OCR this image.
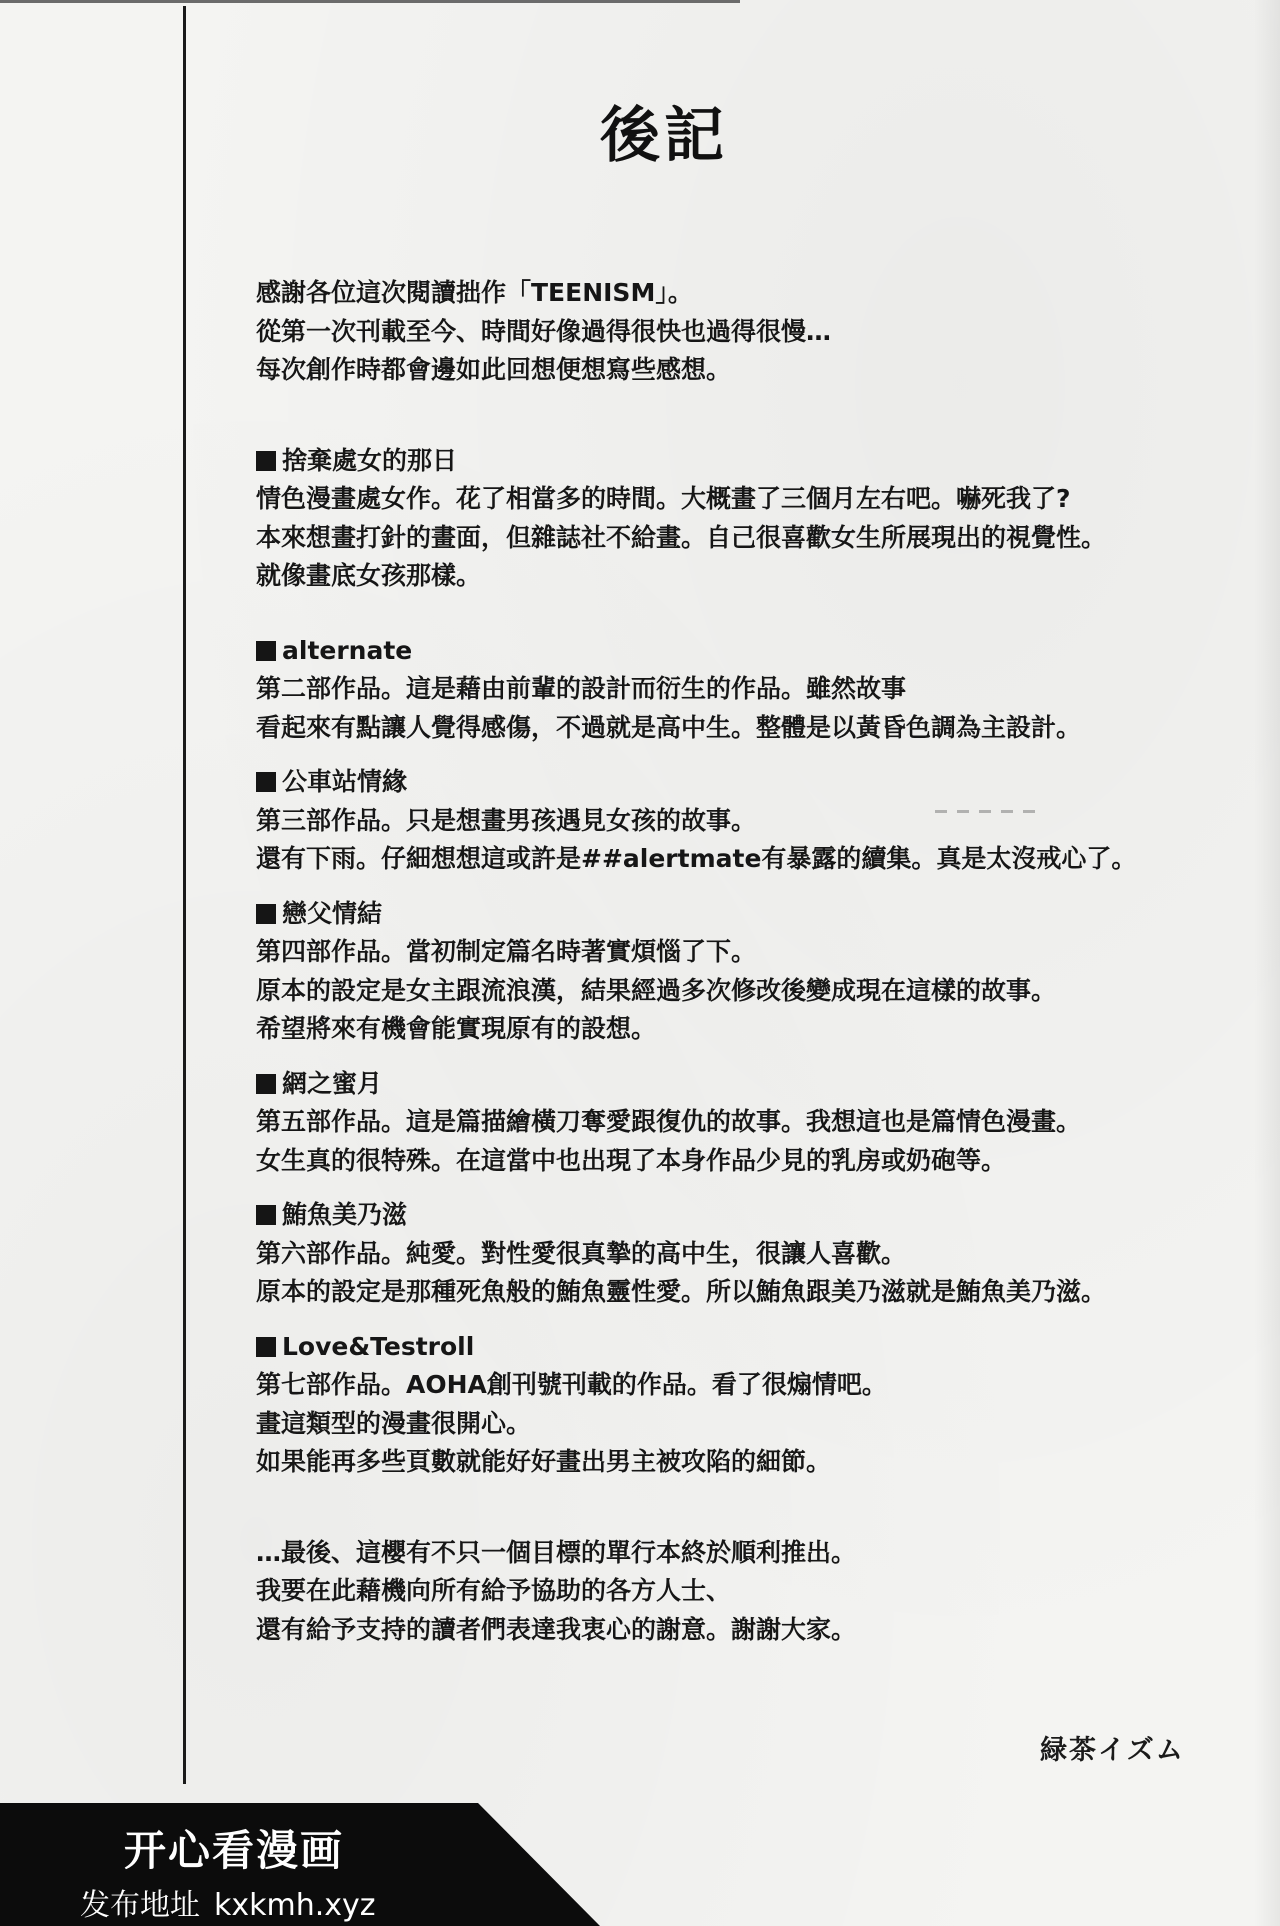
後記
感謝各位這次閱讀拙作「TEENISM」。
從第一次刊載至今、時間好像過得很快也過得很慢…
每次創作時都會邊如此回想便想寫些感想。
捨棄處女的那日
情色漫畫處女作。花了相當多的時間。大概畫了三個月左右吧。嚇死我了?
本來想畫打針的畫面，但雜誌社不給畫。自己很喜歡女生所展現出的視覺性。
就像畫底女孩那樣。
alternate
第二部作品。這是藉由前輩的設計而衍生的作品。雖然故事
看起來有點讓人覺得感傷，不過就是高中生。整體是以黃昏色調為主設計。
公車站情緣
第三部作品。只是想畫男孩遇見女孩的故事。
還有下雨。仔細想想這或許是##alertmate有暴露的續集。真是太沒戒心了。
戀父情結
第四部作品。當初制定篇名時著實煩惱了下。
原本的設定是女主跟流浪漢，結果經過多次修改後變成現在這樣的故事。
希望將來有機會能實現原有的設想。
網之蜜月
第五部作品。這是篇描繪橫刀奪愛跟復仇的故事。我想這也是篇情色漫畫。
女生真的很特殊。在這當中也出現了本身作品少見的乳房或奶砲等。
鮪魚美乃滋
第六部作品。純愛。對性愛很真摯的高中生，很讓人喜歡。
原本的設定是那種死魚般的鮪魚靈性愛。所以鮪魚跟美乃滋就是鮪魚美乃滋。
Love&Testroll
第七部作品。AOHA創刊號刊載的作品。看了很煽情吧。
畫這類型的漫畫很開心。
如果能再多些頁數就能好好畫出男主被攻陷的細節。
…最後、這櫻有不只一個目標的單行本終於順利推出。
我要在此藉機向所有給予協助的各方人士、
還有給予支持的讀者們表達我衷心的謝意。謝謝大家。
緑茶イズム
开心看漫画
发布地址 kxkmh.xyz
